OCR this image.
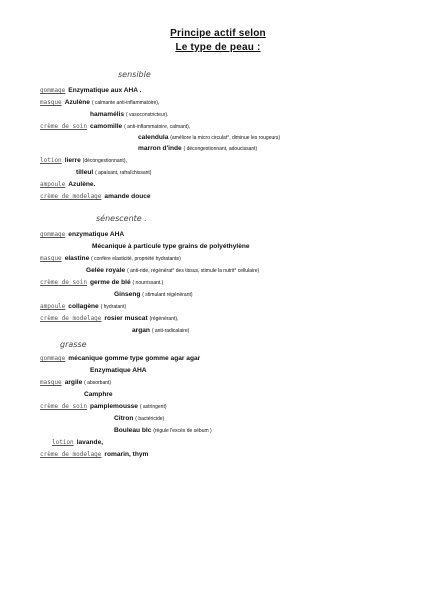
Principe actif selon
Le type de peau :
sensible
gommage Enzymatique aux AHA .
masque Azulène ( calmante anti-inflammatoire),
hamamélis ( vasoconstricteur).
crème de soin camomille ( anti-inflammatoire, calmant),
calendula (améliore la micro circulat°, diminue les rougeurs)
marron d'inde ( décongestionnant, adoucissant)
lotion lierre (décongestionnant),
tilleul ( apaisant, rafraîchissant)
ampoule Azulène.
crème de modelage amande douce
sénescente .
gommage enzymatique AHA
Mécanique à particule type grains de polyéthylène
masque elastine ( confère elasticité, propriété hydratante)
Gelée royale ( anti-ride, régénérat° des tissus, stimule la nutrit° cellulaire)
crème de soin germe de blé ( nourrissant.)
Ginseng ( stimulant régénérant)
ampoule collagène ( hydratant)
crème de modelage rosier muscat (régénérant),
argan ( anti-radicalaire)
grasse
gommage mécanique gomme type gomme agar agar
Enzymatique AHA
masque argile ( absorbant)
Camphre
crème de soin pamplemousse ( astringent)
Citron ( bactéricide)
Bouleau blc (régule l'excès de sébum )
lotion lavande,
crème de modelage romarin, thym
